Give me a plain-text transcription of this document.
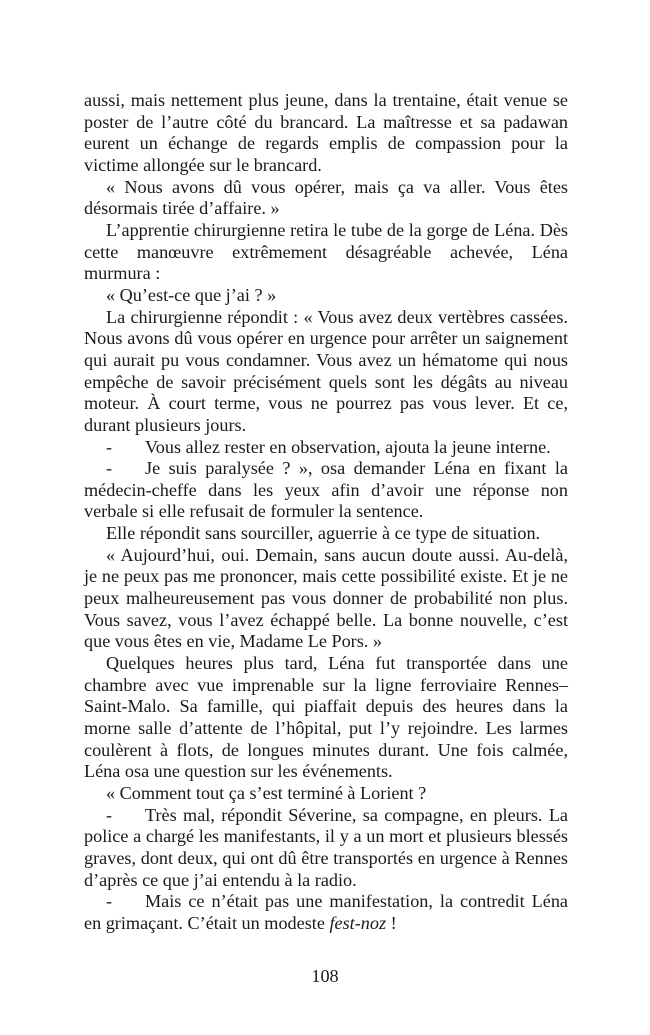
aussi, mais nettement plus jeune, dans la trentaine, était venue se poster de l’autre côté du brancard. La maîtresse et sa padawan eurent un échange de regards emplis de compassion pour la victime allongée sur le brancard.

« Nous avons dû vous opérer, mais ça va aller. Vous êtes désormais tirée d’affaire. »

L’apprentie chirurgienne retira le tube de la gorge de Léna. Dès cette manœuvre extrêmement désagréable achevée, Léna murmura :

« Qu’est-ce que j’ai ? »

La chirurgienne répondit : « Vous avez deux vertèbres cassées. Nous avons dû vous opérer en urgence pour arrêter un saignement qui aurait pu vous condamner. Vous avez un hématome qui nous empêche de savoir précisément quels sont les dégâts au niveau moteur. À court terme, vous ne pourrez pas vous lever. Et ce, durant plusieurs jours.

- Vous allez rester en observation, ajouta la jeune interne.

- Je suis paralysée ? », osa demander Léna en fixant la médecin-cheffe dans les yeux afin d’avoir une réponse non verbale si elle refusait de formuler la sentence.

Elle répondit sans sourciller, aguerrie à ce type de situation.

« Aujourd’hui, oui. Demain, sans aucun doute aussi. Au-delà, je ne peux pas me prononcer, mais cette possibilité existe. Et je ne peux malheureusement pas vous donner de probabilité non plus. Vous savez, vous l’avez échappé belle. La bonne nouvelle, c’est que vous êtes en vie, Madame Le Pors. »

Quelques heures plus tard, Léna fut transportée dans une chambre avec vue imprenable sur la ligne ferroviaire Rennes–Saint-Malo. Sa famille, qui piaffait depuis des heures dans la morne salle d’attente de l’hôpital, put l’y rejoindre. Les larmes coulèrent à flots, de longues minutes durant. Une fois calmée, Léna osa une question sur les événements.

« Comment tout ça s’est terminé à Lorient ?

- Très mal, répondit Séverine, sa compagne, en pleurs. La police a chargé les manifestants, il y a un mort et plusieurs blessés graves, dont deux, qui ont dû être transportés en urgence à Rennes d’après ce que j’ai entendu à la radio.

- Mais ce n’était pas une manifestation, la contredit Léna en grimaçant. C’était un modeste fest-noz !

108
